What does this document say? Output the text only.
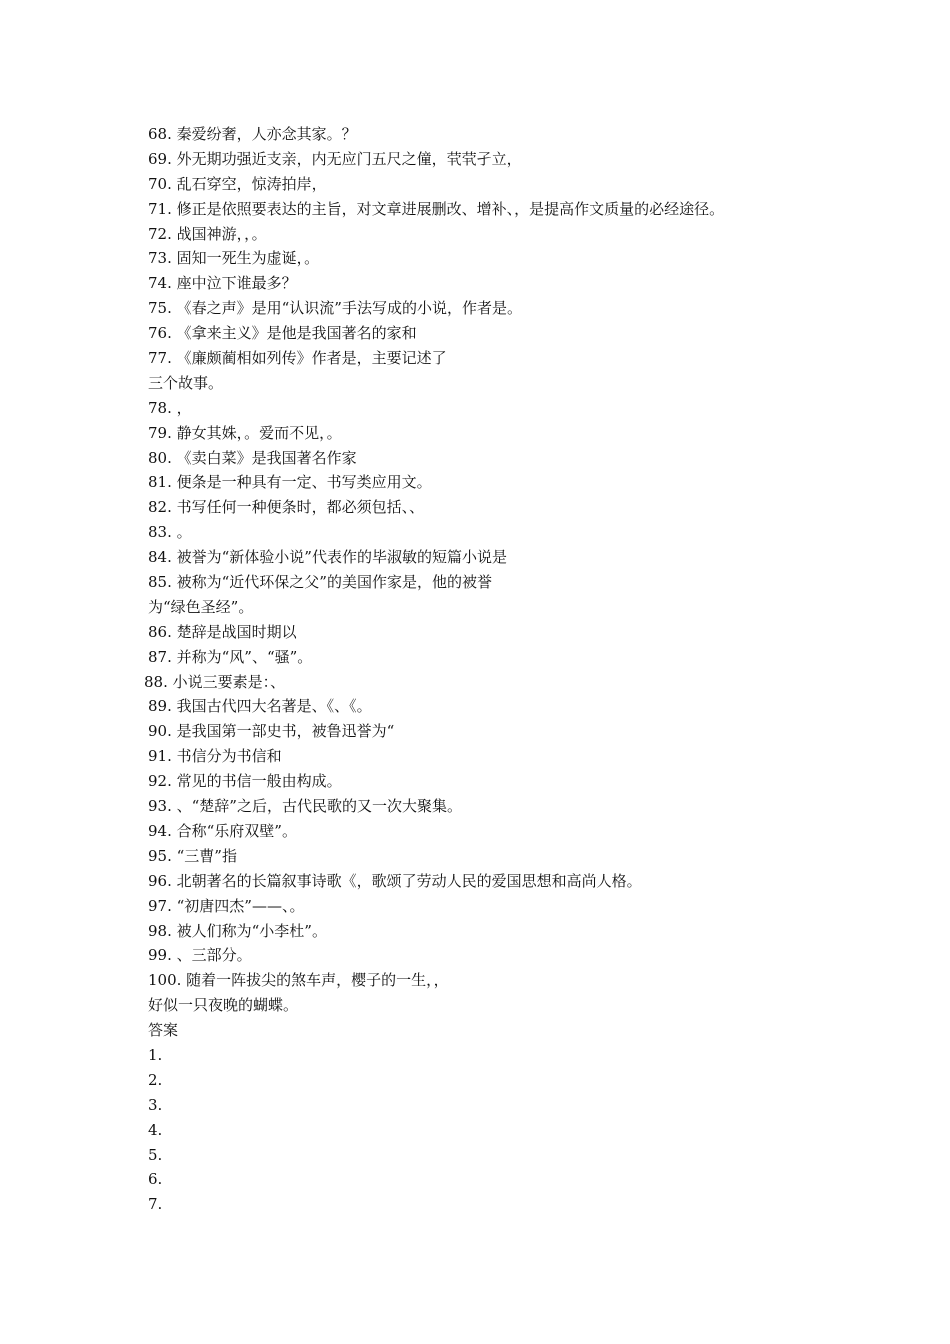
68. 秦爱纷奢，人亦念其家。？
69. 外无期功强近支亲，内无应门五尺之僮，茕茕孑立，
70. 乱石穿空，惊涛拍岸，
71. 修正是依照要表达的主旨，对文章进展删改、增补、，是提高作文质量的必经途径。
72. 战国神游，，。
73. 固知一死生为虚诞，。
74. 座中泣下谁最多？
75. 《春之声》是用“认识流”手法写成的小说，作者是。
76. 《拿来主义》是他是我国著名的家和
77. 《廉颇蔺相如列传》作者是，主要记述了
三个故事。
78. ，
79. 静女其姝，。爱而不见，。
80. 《卖白菜》是我国著名作家
81. 便条是一种具有一定、书写类应用文。
82. 书写任何一种便条时，都必须包括、、
83. 。
84. 被誉为“新体验小说”代表作的毕淑敏的短篇小说是
85. 被称为“近代环保之父”的美国作家是，他的被誉
为“绿色圣经”。
86. 楚辞是战国时期以
87. 并称为“风”、“骚”。
88. 小说三要素是：、
89. 我国古代四大名著是、《、《。
90. 是我国第一部史书，被鲁迅誉为“
91. 书信分为书信和
92. 常见的书信一般由构成。
93. 、“楚辞”之后，古代民歌的又一次大聚集。
94. 合称“乐府双壁”。
95. “三曹”指
96. 北朝著名的长篇叙事诗歌《，歌颂了劳动人民的爱国思想和高尚人格。
97. “初唐四杰”——、。
98. 被人们称为“小李杜”。
99. 、三部分。
100. 随着一阵拔尖的煞车声，樱子的一生，，
好似一只夜晚的蝴蝶。
答案
1.
2.
3.
4.
5.
6.
7.
